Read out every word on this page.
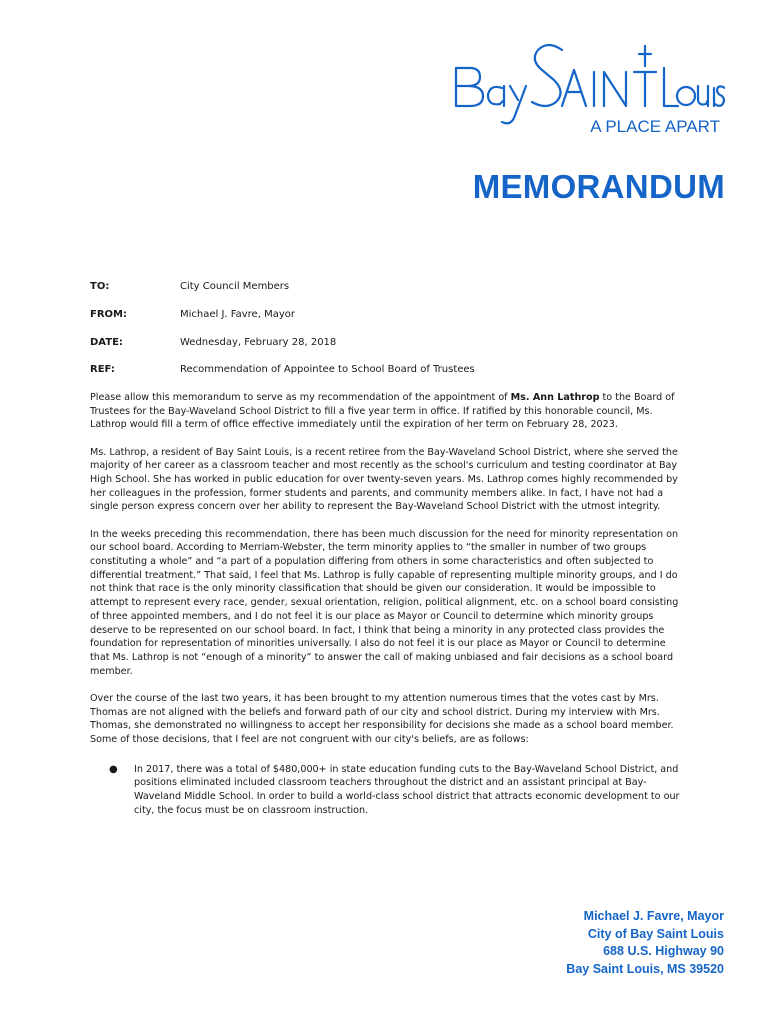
A PLACE APART
MEMORANDUM
TO:	City Council Members
FROM:	Michael J. Favre, Mayor
DATE:	Wednesday, February 28, 2018
REF:	Recommendation of Appointee to School Board of Trustees

Please allow this memorandum to serve as my recommendation of the appointment of Ms. Ann Lathrop to the Board of Trustees for the Bay-Waveland School District to fill a five year term in office. If ratified by this honorable council, Ms. Lathrop would fill a term of office effective immediately until the expiration of her term on February 28, 2023.

Ms. Lathrop, a resident of Bay Saint Louis, is a recent retiree from the Bay-Waveland School District, where she served the majority of her career as a classroom teacher and most recently as the school's curriculum and testing coordinator at Bay High School. She has worked in public education for over twenty-seven years. Ms. Lathrop comes highly recommended by her colleagues in the profession, former students and parents, and community members alike. In fact, I have not had a single person express concern over her ability to represent the Bay-Waveland School District with the utmost integrity.

In the weeks preceding this recommendation, there has been much discussion for the need for minority representation on our school board. According to Merriam-Webster, the term minority applies to “the smaller in number of two groups constituting a whole” and “a part of a population differing from others in some characteristics and often subjected to differential treatment.” That said, I feel that Ms. Lathrop is fully capable of representing multiple minority groups, and I do not think that race is the only minority classification that should be given our consideration. It would be impossible to attempt to represent every race, gender, sexual orientation, religion, political alignment, etc. on a school board consisting of three appointed members, and I do not feel it is our place as Mayor or Council to determine which minority groups deserve to be represented on our school board. In fact, I think that being a minority in any protected class provides the foundation for representation of minorities universally. I also do not feel it is our place as Mayor or Council to determine that Ms. Lathrop is not “enough of a minority” to answer the call of making unbiased and fair decisions as a school board member.

Over the course of the last two years, it has been brought to my attention numerous times that the votes cast by Mrs. Thomas are not aligned with the beliefs and forward path of our city and school district. During my interview with Mrs. Thomas, she demonstrated no willingness to accept her responsibility for decisions she made as a school board member. Some of those decisions, that I feel are not congruent with our city's beliefs, are as follows:

● In 2017, there was a total of $480,000+ in state education funding cuts to the Bay-Waveland School District, and positions eliminated included classroom teachers throughout the district and an assistant principal at Bay-Waveland Middle School. In order to build a world-class school district that attracts economic development to our city, the focus must be on classroom instruction.
Michael J. Favre, Mayor
City of Bay Saint Louis
688 U.S. Highway 90
Bay Saint Louis, MS 39520
